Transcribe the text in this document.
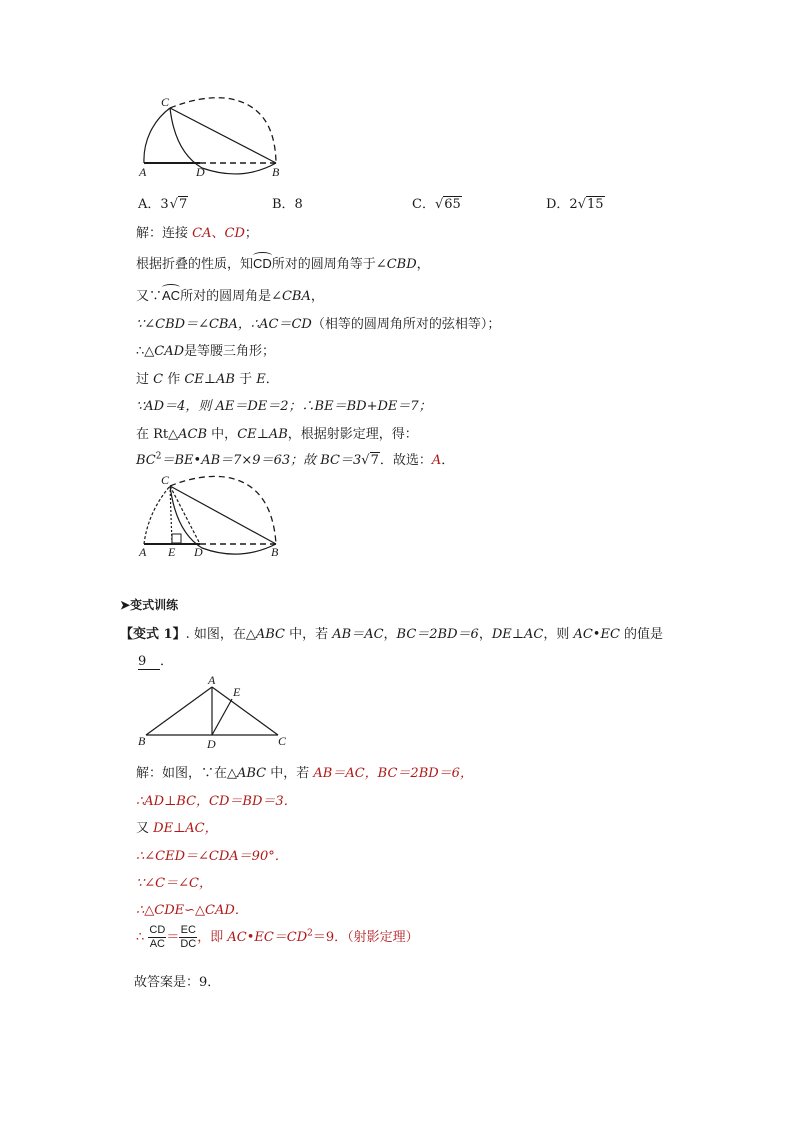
C
A	D	B
A．3√7	B．8	C．√65	D．2√15
解：连接 CA、CD；
根据折叠的性质，知CD所对的圆周角等于∠CBD，
又∵AC所对的圆周角是∠CBA，
∵∠CBD＝∠CBA，∴AC＝CD（相等的圆周角所对的弦相等）；
∴△CAD是等腰三角形；
过 C 作 CE⊥AB 于 E．
∵AD＝4，则 AE＝DE＝2；∴BE＝BD+DE＝7；
在 Rt△ACB 中，CE⊥AB，根据射影定理，得：
$BC^2=BE•AB=7\times 9=63$；故 BC＝3√7．故选：A．
C
A E D	B
➤变式训练
【变式 1】. 如图，在△ABC 中，若 AB＝AC，BC＝2BD＝6，DE⊥AC，则 AC•EC 的值是
9 ．
A
E
B	D	C
解：如图，∵在△ABC 中，若 AB＝AC，BC＝2BD＝6，
∴AD⊥BC，CD＝BD＝3．
又 DE⊥AC，
∴∠CED＝∠CDA＝90°．
∵∠C＝∠C，
∴△CDE∽△CAD．
∴ $\frac{CD}{AC} = \frac{EC}{DC}$ ，即 $AC•EC=CD^2=9$．（射影定理）
故答案是：9．
